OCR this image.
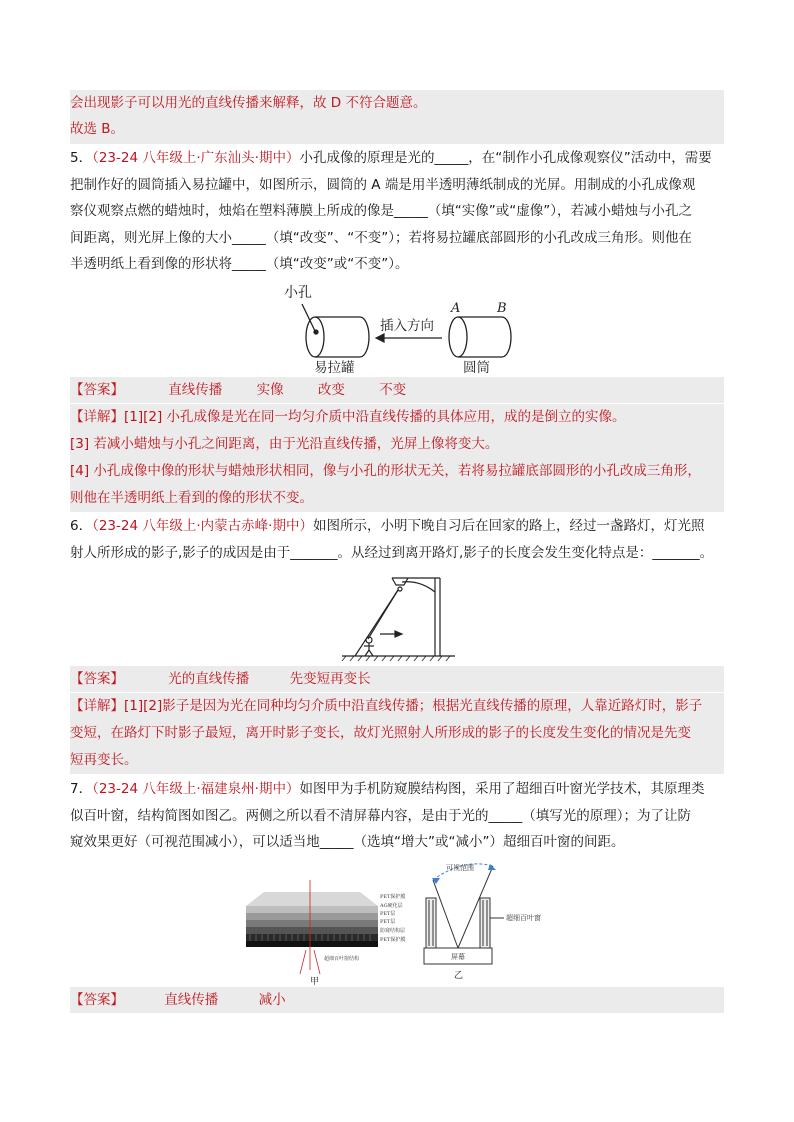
会出现影子可以用光的直线传播来解释，故 D 不符合题意。
故选 B。
5．（23-24 八年级上·广东汕头·期中）小孔成像的原理是光的_____，在“制作小孔成像观察仪”活动中，需要
把制作好的圆筒插入易拉罐中，如图所示，圆筒的 A 端是用半透明薄纸制成的光屏。用制成的小孔成像观
察仪观察点燃的蜡烛时，烛焰在塑料薄膜上所成的像是_____（填“实像”或“虚像”），若减小蜡烛与小孔之
间距离，则光屏上像的大小_____（填“改变”、“不变”）；若将易拉罐底部圆形的小孔改成三角形。则他在
半透明纸上看到像的形状将_____（填“改变”或“不变”）。
小孔
插入方向
A	B
易拉罐	圆筒
【答案】	直线传播	实像	改变	不变
【详解】[1][2] 小孔成像是光在同一均匀介质中沿直线传播的具体应用，成的是倒立的实像。
[3] 若减小蜡烛与小孔之间距离，由于光沿直线传播，光屏上像将变大。
[4] 小孔成像中像的形状与蜡烛形状相同，像与小孔的形状无关，若将易拉罐底部圆形的小孔改成三角形，
则他在半透明纸上看到的像的形状不变。
6．（23-24 八年级上·内蒙古赤峰·期中）如图所示，小明下晚自习后在回家的路上，经过一盏路灯，灯光照
射人所形成的影子,影子的成因是由于_______。从经过到离开路灯,影子的长度会发生变化特点是：_______。
【答案】	光的直线传播	先变短再变长
【详解】[1][2]影子是因为光在同种均匀介质中沿直线传播；根据光直线传播的原理，人靠近路灯时，影子
变短，在路灯下时影子最短，离开时影子变长，故灯光照射人所形成的影子的长度发生变化的情况是先变
短再变长。
7．（23-24 八年级上·福建泉州·期中）如图甲为手机防窥膜结构图，采用了超细百叶窗光学技术，其原理类
似百叶窗，结构简图如图乙。两侧之所以看不清屏幕内容，是由于光的_____（填写光的原理）；为了让防
窥效果更好（可视范围减小），可以适当地_____（选填“增大”或“减小”）超细百叶窗的间距。
PET保护膜
AG硬化层
PET层
PET层
防窥结构层
PET保护膜
超细百叶窗结构
甲
可视范围
超细百叶窗
屏幕
乙
【答案】	直线传播	减小
